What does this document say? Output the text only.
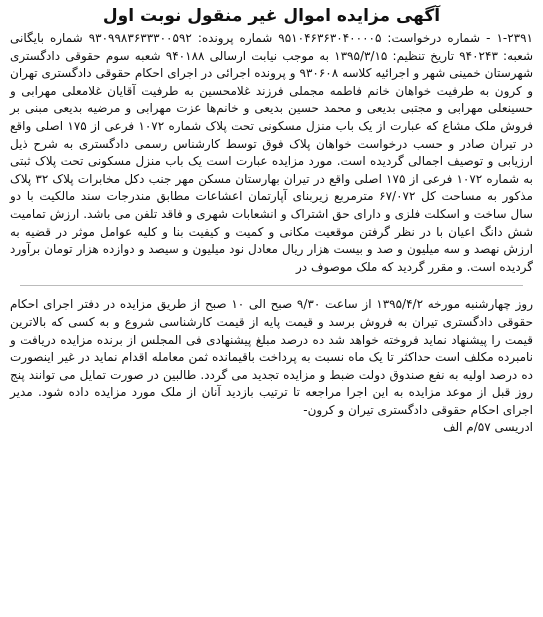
آگهی مزایده اموال غیر منقول نوبت اول

۱-۲۳۹۱ - شماره درخواست: ۹۵۱۰۴۶۳۶۳۰۴۰۰۰۰۵ شماره پرونده: ۹۳۰۹۹۸۳۶۳۳۳۰۰۵۹۲ شماره بایگانی شعبه: ۹۴۰۲۴۳ تاریخ تنظیم: ۱۳۹۵/۳/۱۵ به موجب نیابت ارسالی ۹۴۰۱۸۸ شعبه سوم حقوقی دادگستری شهرستان خمینی شهر و اجرائیه کلاسه ۹۳۰۶۰۸ و پرونده اجرائی در اجرای احکام حقوقی دادگستری تهران و کرون به طرفیت خواهان خانم فاطمه مجملی فرزند غلامحسین به طرفیت آقایان غلامعلی مهرابی و حسینعلی مهرابی و مجتبی بدیعی و محمد حسین بدیعی و خانم‌ها عزت مهرابی و مرضیه بدیعی مبنی بر فروش ملک مشاع که عبارت از یک باب منزل مسکونی تحت پلاک شماره ۱۰۷۲ فرعی از ۱۷۵ اصلی واقع در تیران صادر و حسب درخواست خواهان پلاک فوق توسط کارشناس رسمی دادگستری به شرح ذیل ارزیابی و توصیف اجمالی گردیده است. مورد مزایده عبارت است یک باب منزل مسکونی تحت پلاک ثبتی به شماره ۱۰۷۲ فرعی از ۱۷۵ اصلی واقع در تیران بهارستان مسکن مهر جنب دکل مخابرات پلاک ۳۲ پلاک مذکور به مساحت کل ۶۷/۰۷۲ مترمربع زیربنای آپارتمان اعشاعات مطابق مندرجات سند مالکیت با دو سال ساخت و اسکلت فلزی و دارای حق اشتراک و انشعابات شهری و فاقد تلفن می باشد. ارزش تمامیت شش دانگ اعیان با در نظر گرفتن موقعیت مکانی و کمیت و کیفیت بنا و کلیه عوامل موثر در قضیه به ارزش نهصد و سه میلیون و صد و بیست هزار ریال معادل نود میلیون و سیصد و دوازده هزار تومان برآورد گردیده است. و مقرر گردید که ملک موصوف در

روز چهارشنبه مورخه ۱۳۹۵/۴/۲ از ساعت ۹/۳۰ صبح الی ۱۰ صبح از طریق مزایده در دفتر اجرای احکام حقوقی دادگستری تیران به فروش برسد و قیمت پایه از قیمت کارشناسی شروع و به کسی که بالاترین قیمت را پیشنهاد نماید فروخته خواهد شد ده درصد مبلغ پیشنهادی فی المجلس از برنده مزایده دریافت و نامبرده مکلف است حداکثر تا یک ماه نسبت به پرداخت باقیمانده ثمن معامله اقدام نماید در غیر اینصورت ده درصد اولیه به نفع صندوق دولت ضبط و مزایده تجدید می گردد. طالبین در صورت تمایل می توانند پنج روز قبل از موعد مزایده به این اجرا مراجعه تا ترتیب بازدید آنان از ملک مورد مزایده داده شود. مدیر اجرای احکام حقوقی دادگستری تیران و کرون-

ادریسی ۵۷/م الف
